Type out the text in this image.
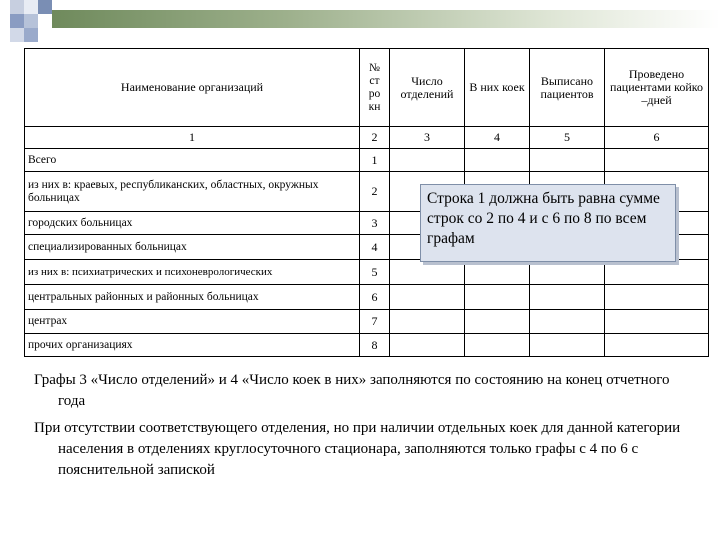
Наименование организаций	№ ст ро кн	Число отделений	В них коек	Выписано пациентов	Проведено пациентами койко –дней
1	2	3	4	5	6
Всего	1				
из них в: краевых, республиканских, областных, окружных больницах	2				
городских больницах	3				
специализированных больницах	4				
из них в: психиатрических и психоневрологических	5				
центральных районных и районных больницах	6				
центрах	7				
прочих организациях	8				
Строка 1 должна быть равна сумме строк со 2 по 4 и с 6 по 8 по всем графам

Графы 3 «Число отделений» и 4 «Число коек в них» заполняются по состоянию на конец отчетного года

При отсутствии соответствующего отделения, но при наличии отдельных коек для данной категории населения в отделениях круглосуточного стационара, заполняются только графы с 4 по 6 с пояснительной запиской
